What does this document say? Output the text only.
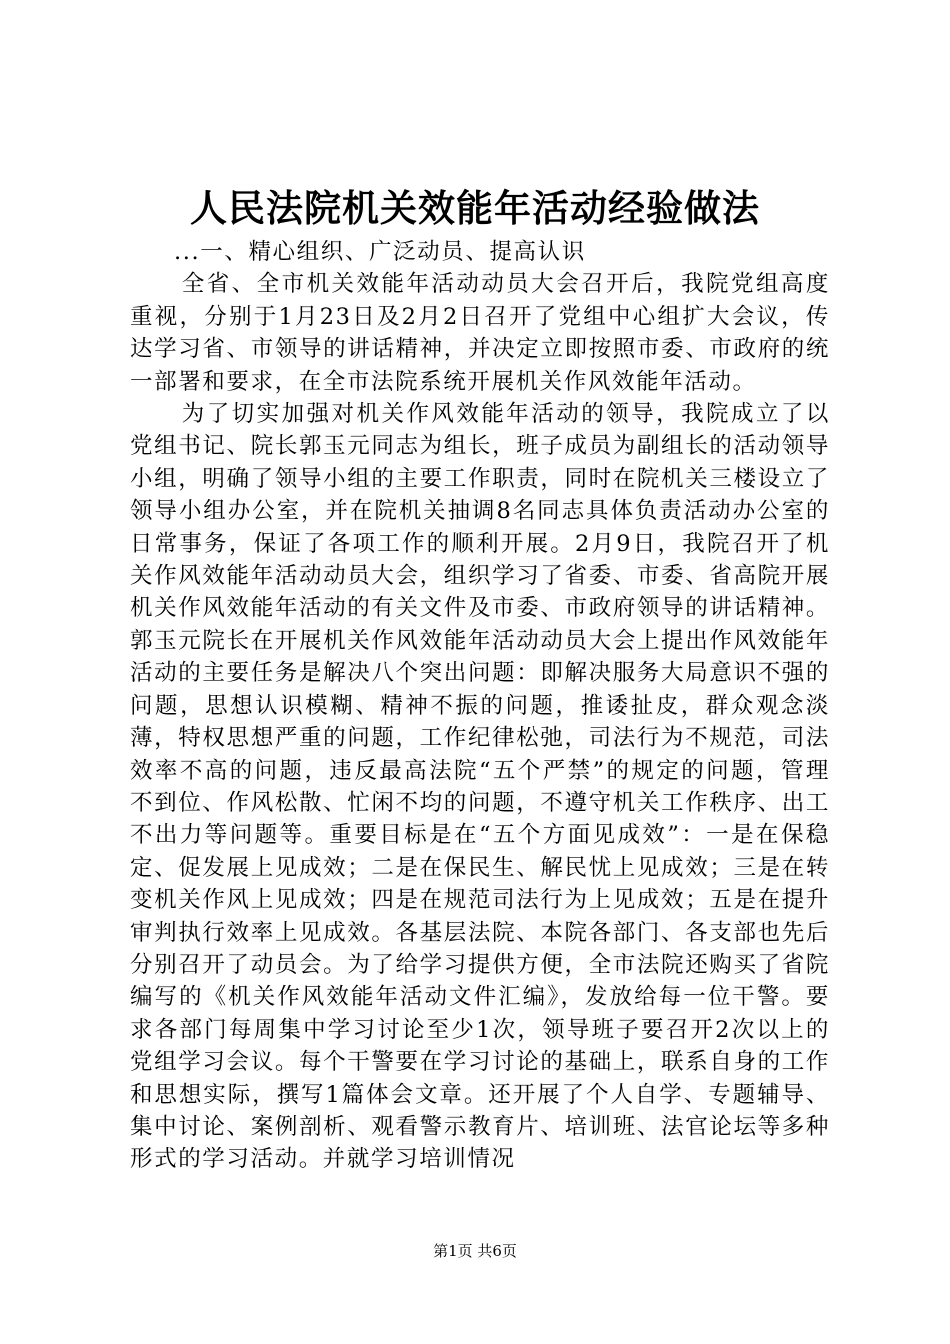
人民法院机关效能年活动经验做法

...一、精心组织、广泛动员、提高认识

全省、全市机关效能年活动动员大会召开后，我院党组高度重视，分别于1月23日及2月2日召开了党组中心组扩大会议，传达学习省、市领导的讲话精神，并决定立即按照市委、市政府的统一部署和要求，在全市法院系统开展机关作风效能年活动。

为了切实加强对机关作风效能年活动的领导，我院成立了以党组书记、院长郭玉元同志为组长，班子成员为副组长的活动领导小组，明确了领导小组的主要工作职责，同时在院机关三楼设立了领导小组办公室，并在院机关抽调8名同志具体负责活动办公室的日常事务，保证了各项工作的顺利开展。2月9日，我院召开了机关作风效能年活动动员大会，组织学习了省委、市委、省高院开展机关作风效能年活动的有关文件及市委、市政府领导的讲话精神。郭玉元院长在开展机关作风效能年活动动员大会上提出作风效能年活动的主要任务是解决八个突出问题：即解决服务大局意识不强的问题，思想认识模糊、精神不振的问题，推诿扯皮，群众观念淡薄，特权思想严重的问题，工作纪律松弛，司法行为不规范，司法效率不高的问题，违反最高法院“五个严禁”的规定的问题，管理不到位、作风松散、忙闲不均的问题，不遵守机关工作秩序、出工不出力等问题等。重要目标是在“五个方面见成效”：一是在保稳定、促发展上见成效；二是在保民生、解民忧上见成效；三是在转变机关作风上见成效；四是在规范司法行为上见成效；五是在提升审判执行效率上见成效。各基层法院、本院各部门、各支部也先后分别召开了动员会。为了给学习提供方便，全市法院还购买了省院编写的《机关作风效能年活动文件汇编》，发放给每一位干警。要求各部门每周集中学习讨论至少1次，领导班子要召开2次以上的党组学习会议。每个干警要在学习讨论的基础上，联系自身的工作和思想实际，撰写1篇体会文章。还开展了个人自学、专题辅导、集中讨论、案例剖析、观看警示教育片、培训班、法官论坛等多种形式的学习活动。并就学习培训情况

第1页 共6页
